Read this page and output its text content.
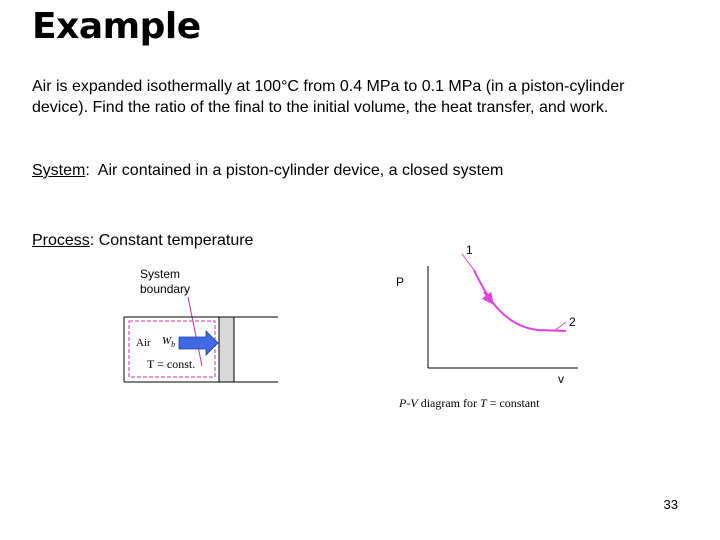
Example
Air is expanded isothermally at 100°C from 0.4 MPa to 0.1 MPa (in a piston-cylinder device). Find the ratio of the final to the initial volume, the heat transfer, and work.
System:  Air contained in a piston-cylinder device, a closed system
Process: Constant temperature
System
boundary
Air $W_b$
T = const.
1
2
P
v
P-V diagram for T = constant
33
